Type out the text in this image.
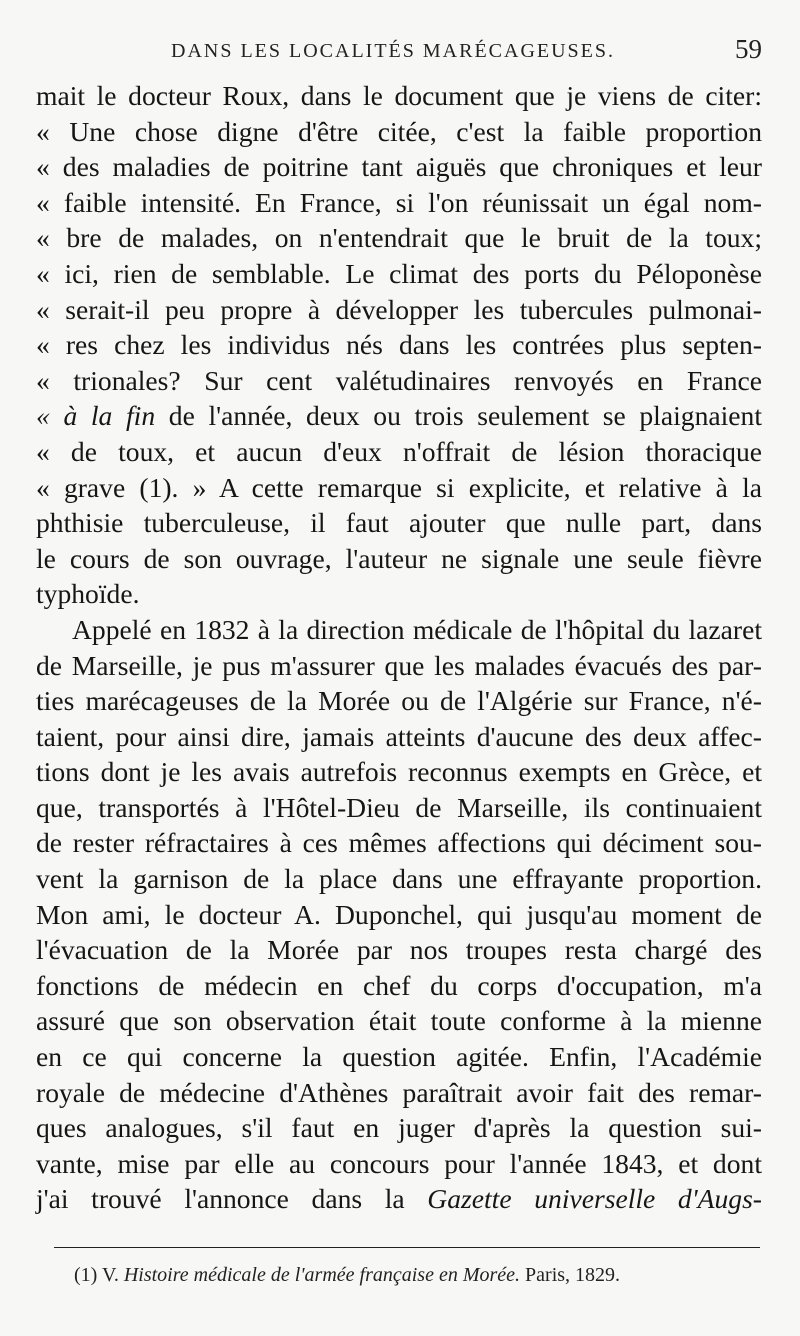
DANS LES LOCALITÉS MARÉCAGEUSES.	59

mait le docteur Roux, dans le document que je viens de citer:
« Une chose digne d'être citée, c'est la faible proportion
« des maladies de poitrine tant aiguës que chroniques et leur
« faible intensité. En France, si l'on réunissait un égal nom-
« bre de malades, on n'entendrait que le bruit de la toux;
« ici, rien de semblable. Le climat des ports du Péloponèse
« serait-il peu propre à développer les tubercules pulmonai-
« res chez les individus nés dans les contrées plus septen-
« trionales? Sur cent valétudinaires renvoyés en France
« à la fin de l'année, deux ou trois seulement se plaignaient
« de toux, et aucun d'eux n'offrait de lésion thoracique
« grave (1). » A cette remarque si explicite, et relative à la
phthisie tuberculeuse, il faut ajouter que nulle part, dans
le cours de son ouvrage, l'auteur ne signale une seule fièvre
typhoïde.

Appelé en 1832 à la direction médicale de l'hôpital du lazaret
de Marseille, je pus m'assurer que les malades évacués des par-
ties marécageuses de la Morée ou de l'Algérie sur France, n'é-
taient, pour ainsi dire, jamais atteints d'aucune des deux affec-
tions dont je les avais autrefois reconnus exempts en Grèce, et
que, transportés à l'Hôtel-Dieu de Marseille, ils continuaient
de rester réfractaires à ces mêmes affections qui déciment sou-
vent la garnison de la place dans une effrayante proportion.
Mon ami, le docteur A. Duponchel, qui jusqu'au moment de
l'évacuation de la Morée par nos troupes resta chargé des
fonctions de médecin en chef du corps d'occupation, m'a
assuré que son observation était toute conforme à la mienne
en ce qui concerne la question agitée. Enfin, l'Académie
royale de médecine d'Athènes paraîtrait avoir fait des remar-
ques analogues, s'il faut en juger d'après la question sui-
vante, mise par elle au concours pour l'année 1843, et dont
j'ai trouvé l'annonce dans la Gazette universelle d'Augs-

(1) V. Histoire médicale de l'armée française en Morée. Paris, 1829.
